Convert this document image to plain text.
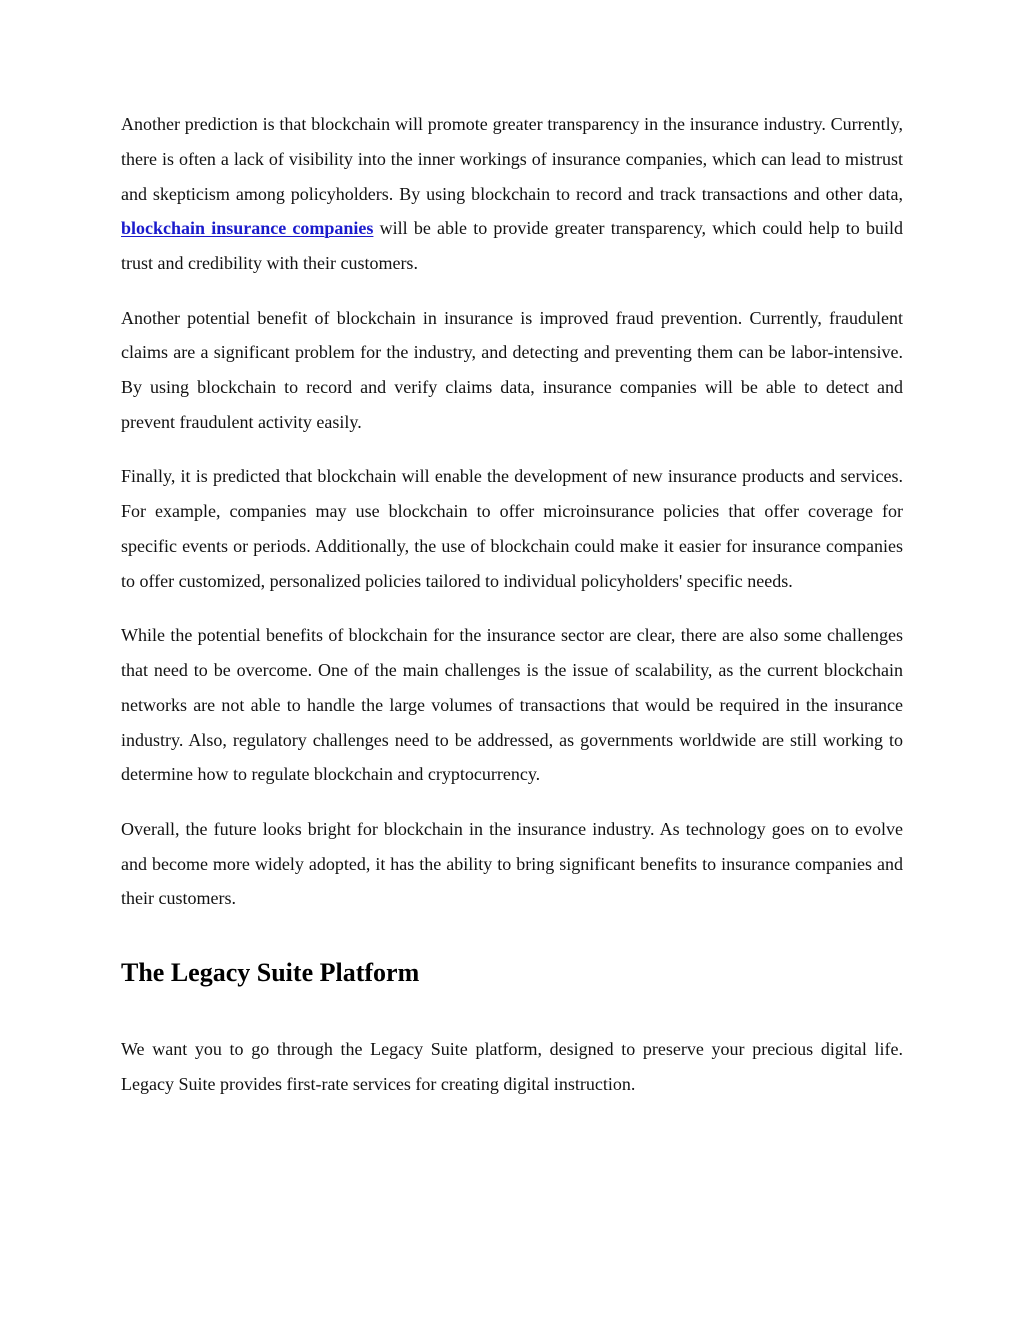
Another prediction is that blockchain will promote greater transparency in the insurance industry. Currently, there is often a lack of visibility into the inner workings of insurance companies, which can lead to mistrust and skepticism among policyholders. By using blockchain to record and track transactions and other data, blockchain insurance companies will be able to provide greater transparency, which could help to build trust and credibility with their customers.

Another potential benefit of blockchain in insurance is improved fraud prevention. Currently, fraudulent claims are a significant problem for the industry, and detecting and preventing them can be labor-intensive. By using blockchain to record and verify claims data, insurance companies will be able to detect and prevent fraudulent activity easily.

Finally, it is predicted that blockchain will enable the development of new insurance products and services. For example, companies may use blockchain to offer microinsurance policies that offer coverage for specific events or periods. Additionally, the use of blockchain could make it easier for insurance companies to offer customized, personalized policies tailored to individual policyholders' specific needs.

While the potential benefits of blockchain for the insurance sector are clear, there are also some challenges that need to be overcome. One of the main challenges is the issue of scalability, as the current blockchain networks are not able to handle the large volumes of transactions that would be required in the insurance industry. Also, regulatory challenges need to be addressed, as governments worldwide are still working to determine how to regulate blockchain and cryptocurrency.

Overall, the future looks bright for blockchain in the insurance industry. As technology goes on to evolve and become more widely adopted, it has the ability to bring significant benefits to insurance companies and their customers.

The Legacy Suite Platform

We want you to go through the Legacy Suite platform, designed to preserve your precious digital life. Legacy Suite provides first-rate services for creating digital instruction.
